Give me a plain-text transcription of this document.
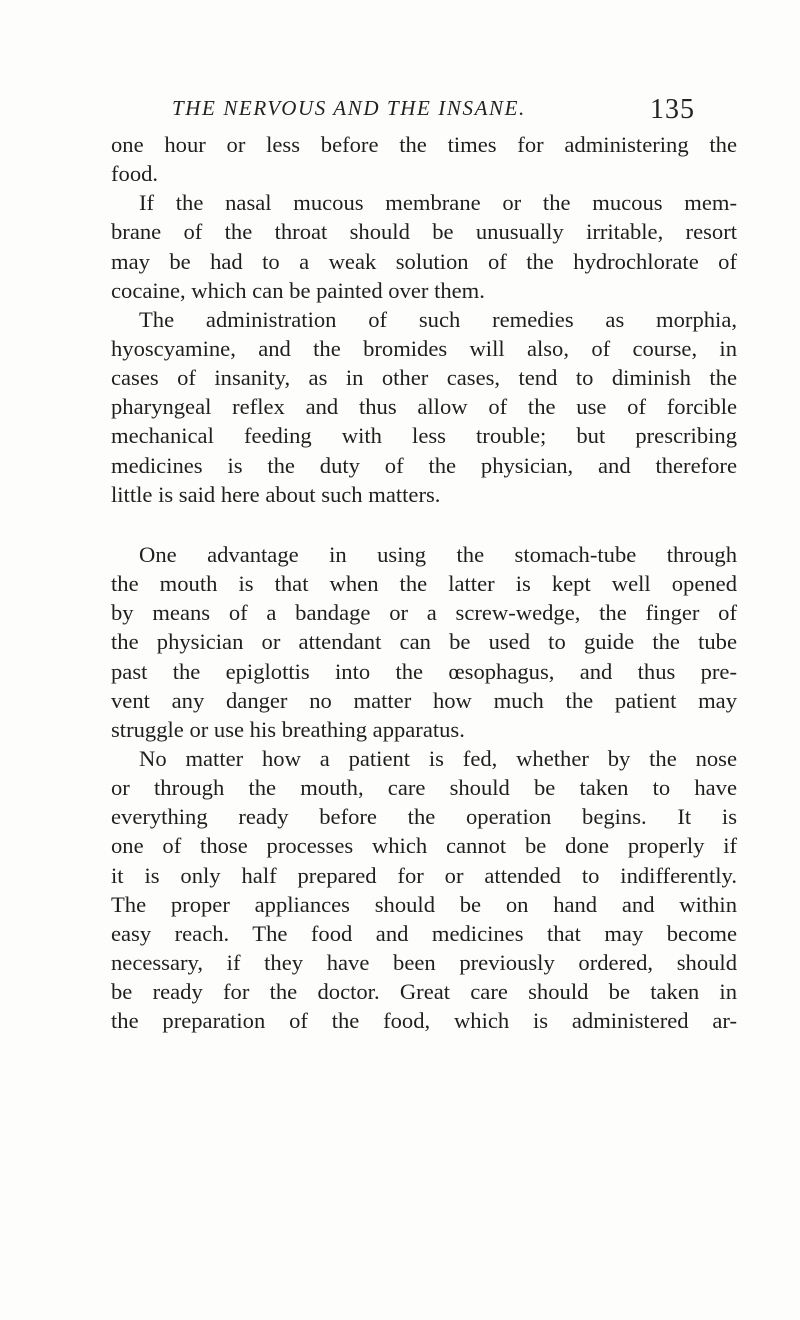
THE NERVOUS AND THE INSANE.	135
one hour or less before the times for administering the
food.
If the nasal mucous membrane or the mucous mem-
brane of the throat should be unusually irritable, resort
may be had to a weak solution of the hydrochlorate of
cocaine, which can be painted over them.
The administration of such remedies as morphia,
hyoscyamine, and the bromides will also, of course, in
cases of insanity, as in other cases, tend to diminish the
pharyngeal reflex and thus allow of the use of forcible
mechanical feeding with less trouble; but prescribing
medicines is the duty of the physician, and therefore
little is said here about such matters.
One advantage in using the stomach-tube through
the mouth is that when the latter is kept well opened
by means of a bandage or a screw-wedge, the finger of
the physician or attendant can be used to guide the tube
past the epiglottis into the œsophagus, and thus pre-
vent any danger no matter how much the patient may
struggle or use his breathing apparatus.
No matter how a patient is fed, whether by the nose
or through the mouth, care should be taken to have
everything ready before the operation begins. It is
one of those processes which cannot be done properly if
it is only half prepared for or attended to indifferently.
The proper appliances should be on hand and within
easy reach. The food and medicines that may become
necessary, if they have been previously ordered, should
be ready for the doctor. Great care should be taken in
the preparation of the food, which is administered ar-
